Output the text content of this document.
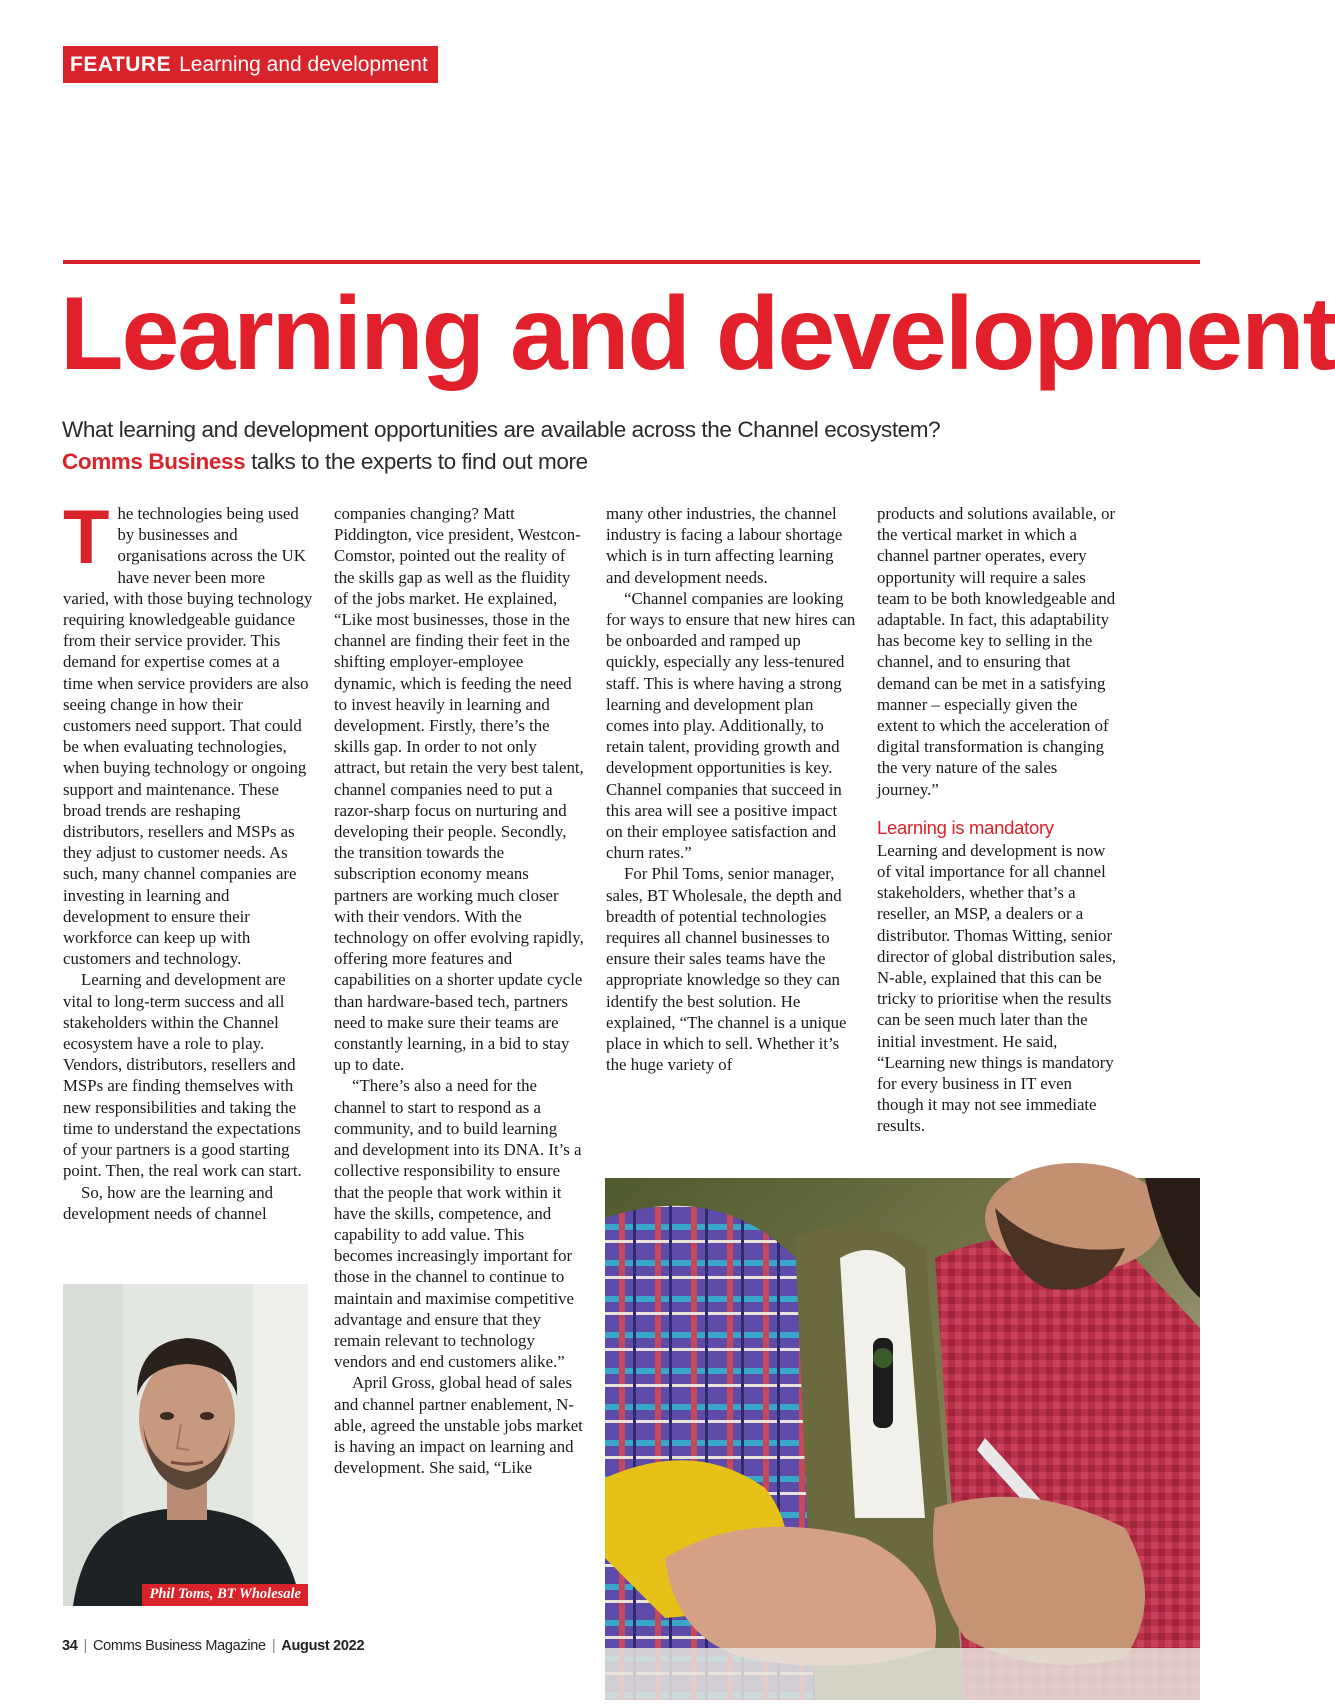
FEATURE Learning and development
Learning and development
What learning and development opportunities are available across the Channel ecosystem?
Comms Business talks to the experts to find out more

The technologies being used by businesses and organisations across the UK have never been more varied, with those buying technology requiring knowledgeable guidance from their service provider. This demand for expertise comes at a time when service providers are also seeing change in how their customers need support. That could be when evaluating technologies, when buying technology or ongoing support and maintenance. These broad trends are reshaping distributors, resellers and MSPs as they adjust to customer needs. As such, many channel companies are investing in learning and development to ensure their workforce can keep up with customers and technology.

Learning and development are vital to long-term success and all stakeholders within the Channel ecosystem have a role to play. Vendors, distributors, resellers and MSPs are finding themselves with new responsibilities and taking the time to understand the expectations of your partners is a good starting point. Then, the real work can start.

So, how are the learning and development needs of channel

Phil Toms, BT Wholesale

companies changing? Matt Piddington, vice president, Westcon-Comstor, pointed out the reality of the skills gap as well as the fluidity of the jobs market. He explained, “Like most businesses, those in the channel are finding their feet in the shifting employer-employee dynamic, which is feeding the need to invest heavily in learning and development. Firstly, there’s the skills gap. In order to not only attract, but retain the very best talent, channel companies need to put a razor-sharp focus on nurturing and developing their people. Secondly, the transition towards the subscription economy means partners are working much closer with their vendors. With the technology on offer evolving rapidly, offering more features and capabilities on a shorter update cycle than hardware-based tech, partners need to make sure their teams are constantly learning, in a bid to stay up to date.

“There’s also a need for the channel to start to respond as a community, and to build learning and development into its DNA. It’s a collective responsibility to ensure that the people that work within it have the skills, competence, and capability to add value. This becomes increasingly important for those in the channel to continue to maintain and maximise competitive advantage and ensure that they remain relevant to technology vendors and end customers alike.”

April Gross, global head of sales and channel partner enablement, N-able, agreed the unstable jobs market is having an impact on learning and development. She said, “Like

many other industries, the channel industry is facing a labour shortage which is in turn affecting learning and development needs.

“Channel companies are looking for ways to ensure that new hires can be onboarded and ramped up quickly, especially any less-tenured staff. This is where having a strong learning and development plan comes into play. Additionally, to retain talent, providing growth and development opportunities is key. Channel companies that succeed in this area will see a positive impact on their employee satisfaction and churn rates.”

For Phil Toms, senior manager, sales, BT Wholesale, the depth and breadth of potential technologies requires all channel businesses to ensure their sales teams have the appropriate knowledge so they can identify the best solution. He explained, “The channel is a unique place in which to sell. Whether it’s the huge variety of

products and solutions available, or the vertical market in which a channel partner operates, every opportunity will require a sales team to be both knowledgeable and adaptable. In fact, this adaptability has become key to selling in the channel, and to ensuring that demand can be met in a satisfying manner – especially given the extent to which the acceleration of digital transformation is changing the very nature of the sales journey.”

Learning is mandatory

Learning and development is now of vital importance for all channel stakeholders, whether that’s a reseller, an MSP, a dealers or a distributor. Thomas Witting, senior director of global distribution sales, N-able, explained that this can be tricky to prioritise when the results can be seen much later than the initial investment. He said, “Learning new things is mandatory for every business in IT even though it may not see immediate results.

34 | Comms Business Magazine | August 2022
